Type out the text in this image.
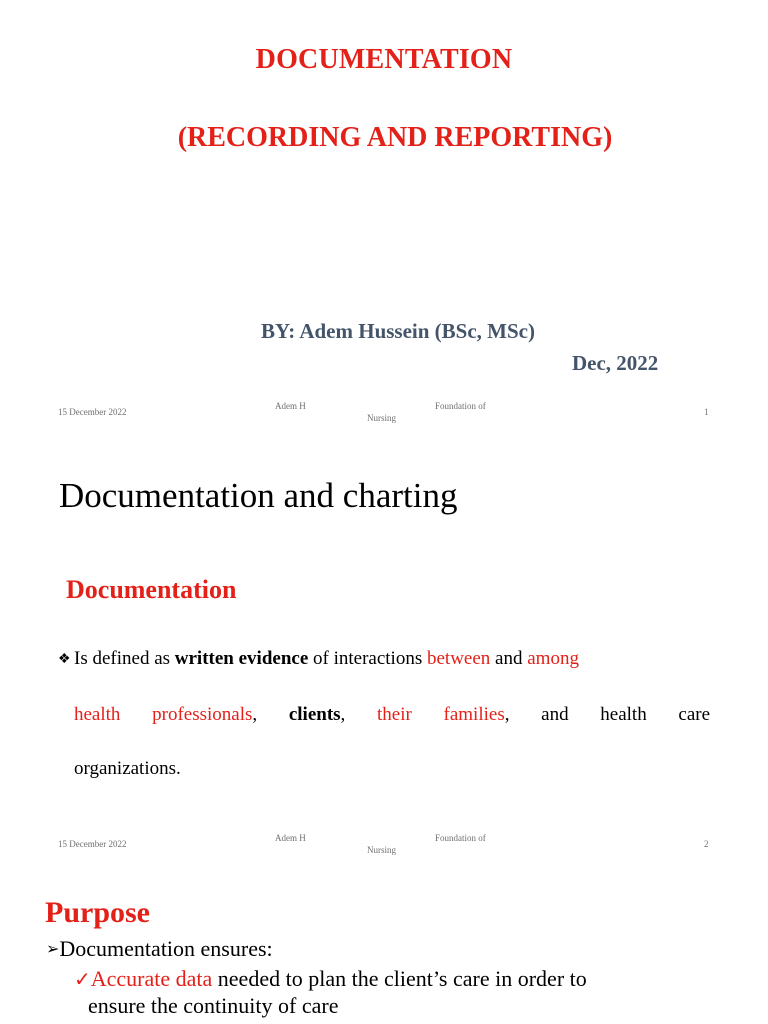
DOCUMENTATION
(RECORDING AND REPORTING)
BY: Adem Hussein (BSc, MSc)
Dec, 2022
15 December 2022
Adem H	Foundation of
Nursing
1
Documentation and charting
Documentation
❖ Is defined as written evidence of interactions between and among
health professionals, clients, their families, and health care
organizations.
15 December 2022
Adem H	Foundation of
Nursing
2
Purpose
➢Documentation ensures:
✓Accurate data needed to plan the client’s care in order to
ensure the continuity of care
